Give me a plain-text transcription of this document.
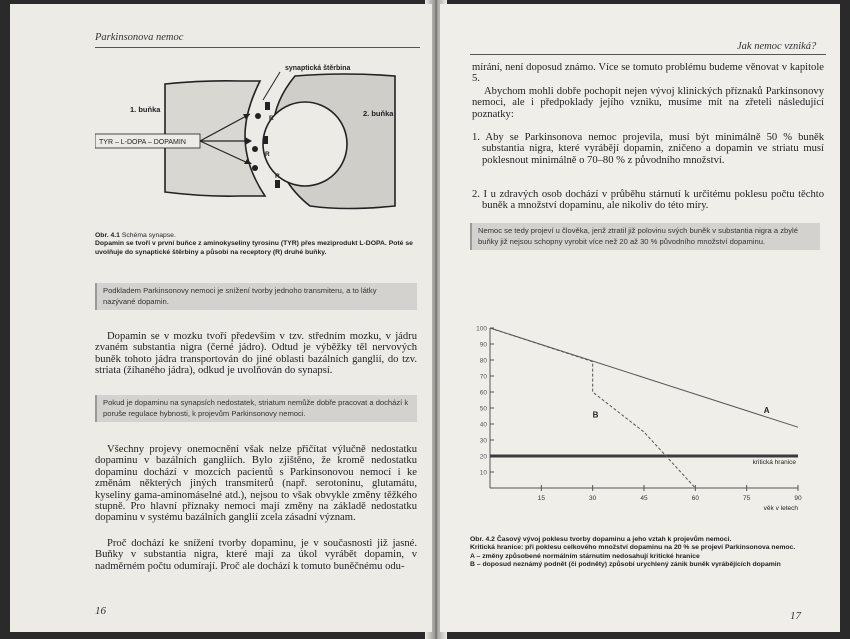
Parkinsonova nemoc
TYR – L-DOPA – DOPAMIN
1. buňka	2. buňka
synaptická štěrbina
R
R
R
Obr. 4.1 Schéma synapse.
Dopamin se tvoří v první buňce z aminokyseliny tyrosinu (TYR) přes meziprodukt L-DOPA. Poté se uvolňuje do synaptické štěrbiny a působí na receptory (R) druhé buňky.
Podkladem Parkinsonovy nemoci je snížení tvorby jednoho transmiteru, a to látky nazývané dopamin.
Dopamin se v mozku tvoří především v tzv. středním mozku, v jádru zvaném substantia nigra (černé jádro). Odtud je výběžky těl nervových buněk tohoto jádra transportován do jiné oblasti bazálních ganglií, do tzv. striata (žíhaného jádra), odkud je uvolňován do synapsí.
Pokud je dopaminu na synapsích nedostatek, striatum nemůže dobře pracovat a dochází k poruše regulace hybnosti, k projevům Parkinsonovy nemoci.
Všechny projevy onemocnění však nelze přičítat výlučně nedostatku dopaminu v bazálních gangliích. Bylo zjištěno, že kromě nedostatku dopaminu dochází v mozcích pacientů s Parkinsonovou nemocí i ke změnám některých jiných transmiterů (např. serotoninu, glutamátu, kyseliny gama-aminomáselné atd.), nejsou to však obvykle změny těžkého stupně. Pro hlavní příznaky nemoci mají změny na základě nedostatku dopaminu v systému bazálních ganglií zcela zásadní význam.
Proč dochází ke snížení tvorby dopaminu, je v současnosti již jasné. Buňky v substantia nigra, které mají za úkol vyrábět dopamin, v nadměrném počtu odumírají. Proč ale dochází k tomuto buněčnému odu-
16
Jak nemoc vzniká?
mírání, není doposud známo. Více se tomuto problému budeme věnovat v kapitole 5.
Abychom mohli dobře pochopit nejen vývoj klinických příznaků Parkinsonovy nemoci, ale i předpoklady jejího vzniku, musíme mít na zřeteli následující poznatky:
1. Aby se Parkinsonova nemoc projevila, musí být minimálně 50 % buněk substantia nigra, které vyrábějí dopamin, zničeno a dopamin ve striatu musí poklesnout minimálně o 70–80 % z původního množství.
2. I u zdravých osob dochází v průběhu stárnutí k určitému poklesu počtu těchto buněk a množství dopaminu, ale nikoliv do této míry.
Nemoc se tedy projeví u člověka, jenž ztratil již polovinu svých buněk v substantia nigra a zbylé buňky již nejsou schopny vyrobit více než 20 až 30 % původního množství dopaminu.
10
20
30
40
50
60
70
80
90
100
15	30	45	60	75	90
kritická hranice
A
B
věk v letech
Obr. 4.2 Časový vývoj poklesu tvorby dopaminu a jeho vztah k projevům nemoci.
Kritická hranice: při poklesu celkového množství dopaminu na 20 % se projeví Parkinsonova nemoc.
A – změny způsobené normálním stárnutím nedosahují kritické hranice
B – doposud neznámý podnět (či podněty) způsobí urychlený zánik buněk vyrábějících dopamin
17
